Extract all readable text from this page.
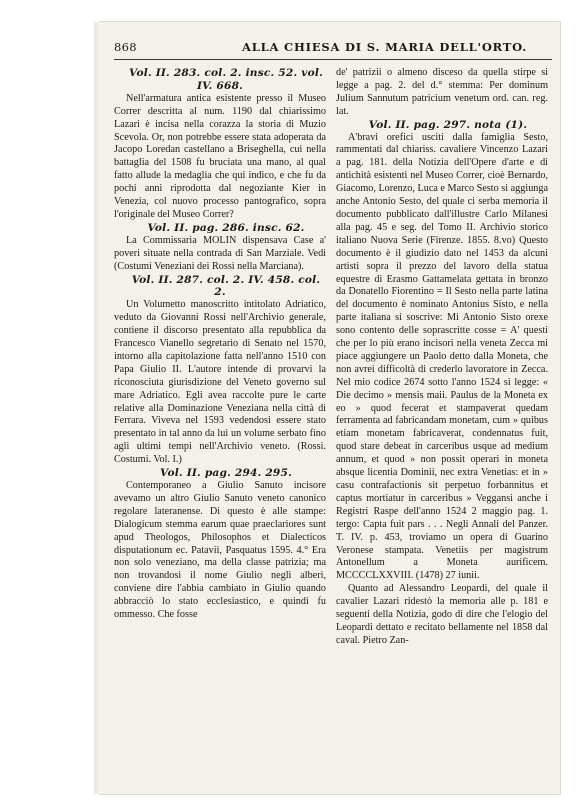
868	ALLA CHIESA DI S. MARIA DELL'ORTO.

Vol. II. 283. col. 2. insc. 52. vol. IV. 668.

Nell'armatura antica esistente presso il Museo Correr descritta al num. 1190 dal chiarissimo Lazari è incisa nella corazza la storia di Muzio Scevola. Or, non potrebbe essere stata adoperata da Jacopo Loredan castellano a Briseghella, cui nella battaglia del 1508 fu bruciata una mano, al qual fatto allude la medaglia che qui indico, e che fu da pochi anni riprodotta dal negoziante Kier in Venezia, col nuovo processo pantografico, sopra l'originale del Museo Correr?

Vol. II. pag. 286. insc. 62.

La Commissaria MOLIN dispensava Case a' poveri situate nella contrada di San Marziale. Vedi (Costumi Veneziani dei Rossi nella Marciana).

Vol. II. 287. col. 2. IV. 458. col. 2.

Un Volumetto manoscritto intitolato Adriatico, veduto da Giovanni Rossi nell'Archivio generale, contiene il discorso presentato alla repubblica da Francesco Vianello segretario di Senato nel 1570, intorno alla capitolazione fatta nell'anno 1510 con Papa Giulio II. L'autore intende di provarvi la riconosciuta giurisdizione del Veneto governo sul mare Adriatico. Egli avea raccolte pure le carte relative alla Dominazione Veneziana nella città di Ferrara. Viveva nel 1593 vedendosi essere stato presentato in tal anno da lui un volume serbato fino agli ultimi tempi nell'Archivio veneto. (Rossi. Costumi. Vol. I.)

Vol. II. pag. 294. 295.

Contemporaneo a Giulio Sanuto incisore avevamo un altro Giulio Sanuto veneto canonico regolare lateranense. Di questo è alle stampe: Dialogicum stemma earum quae praeclariores sunt apud Theologos, Philosophos et Dialecticos disputationum ec. Patavii, Pasquatus 1595. 4.° Era non solo veneziano, ma della classe patrizia; ma non trovandosi il nome Giulio negli alberi, conviene dire l'abbia cambiato in Giulio quando abbracciò lo stato ecclesiastico, e quindi fu ommesso. Che fosse

de' patrizii o almeno disceso da quella stirpe si legge a pag. 2. del d.° stemma: Per dominum Julium Sannutum patricium venetum ord. can. reg. lat.

Vol. II. pag. 297. nota (1).

A'bravi orefici usciti dalla famiglia Sesto, rammentati dal chiariss. cavaliere Vincenzo Lazari a pag. 181. della Notizia dell'Opere d'arte e di antichità esistenti nel Museo Correr, cioè Bernardo, Giacomo, Lorenzo, Luca e Marco Sesto si aggiunga anche Antonio Sesto, del quale ci serba memoria il documento pubblicato dall'illustre Carlo Milanesi alla pag. 45 e seg. del Tomo II. Archivio storico italiano Nuova Serie (Firenze. 1855. 8.vo) Questo documento è il giudizio dato nel 1453 da alcuni artisti sopra il prezzo del lavoro della statua equestre di Erasmo Gattamelata gettata in bronzo da Donatello Fiorentino = Il Sesto nella parte latina del documento è nominato Antonius Sisto, e nella parte italiana si soscrive: Mi Antonio Sisto orexe sono contento delle soprascritte cosse = A' questi che per lo più erano incisori nella veneta Zecca mi piace aggiungere un Paolo detto dalla Moneta, che non avrei difficoltà di crederlo lavoratore in Zecca. Nel mio codice 2674 sotto l'anno 1524 si legge: « Die decimo » mensis maii. Paulus de la Moneta ex eo » quod fecerat et stampaverat quedam ferramenta ad fabricandam monetam, cum » quibus etiam monetam fabricaverat, condennatus fuit, quod stare debeat in carceribus usque ad medium annum, et quod » non possit operari in moneta absque licentia Dominii, nec extra Venetias: et in » casu contrafactionis sit perpetuo forbannitus et captus mortiatur in carceribus » Veggansi anche i Registri Raspe dell'anno 1524 2 maggio pag. 1. tergo: Capta fuit pars . . . Negli Annali del Panzer. T. IV. p. 453, troviamo un opera di Guarino Veronese stampata. Venetiis per magistrum Antonellum a Moneta aurificem. MCCCCLXXVIII. (1478) 27 iunii.

Quanto ad Alessandro Leopardi, del quale il cavalier Lazari ridestò la memoria alle p. 181 e seguenti della Notizia, godo di dire che l'elogio del Leopardi dettato e recitato bellamente nel 1858 dal caval. Pietro Zan-
